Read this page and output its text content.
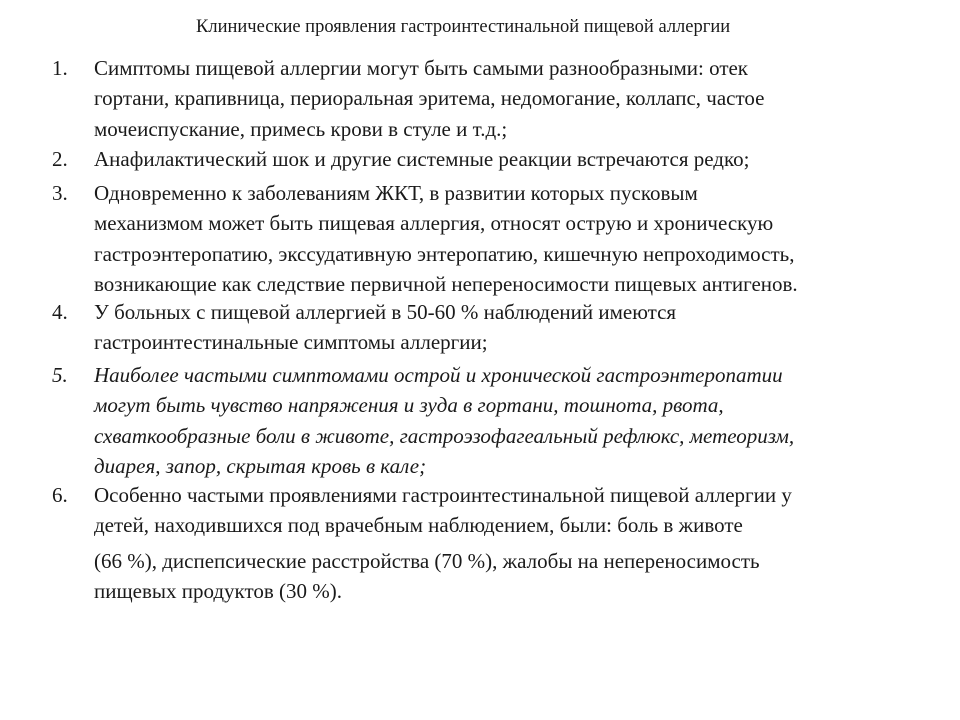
Клинические проявления гастроинтестинальной пищевой аллергии
1.	Симптомы пищевой аллергии могут быть самыми разнообразными: отек
гортани, крапивница, периоральная эритема, недомогание, коллапс, частое
мочеиспускание, примесь крови в стуле и т.д.;
2.	Анафилактический шок и другие системные реакции встречаются редко;
3.	Одновременно к заболеваниям ЖКТ, в развитии которых пусковым
механизмом может быть пищевая аллергия, относят острую и хроническую
гастроэнтеропатию, экссудативную энтеропатию, кишечную непроходимость,
возникающие как следствие первичной непереносимости пищевых антигенов.
4.	У больных с пищевой аллергией в 50-60 % наблюдений имеются
гастроинтестинальные симптомы аллергии;
5.	Наиболее частыми симптомами острой и хронической гастроэнтеропатии
могут быть чувство напряжения и зуда в гортани, тошнота, рвота,
схваткообразные боли в животе, гастроэзофагеальный рефлюкс, метеоризм,
диарея, запор, скрытая кровь в кале;
6.	Особенно частыми проявлениями гастроинтестинальной пищевой аллергии у
детей, находившихся под врачебным наблюдением, были: боль в животе
(66 %), диспепсические расстройства (70 %), жалобы на непереносимость
пищевых продуктов (30 %).
